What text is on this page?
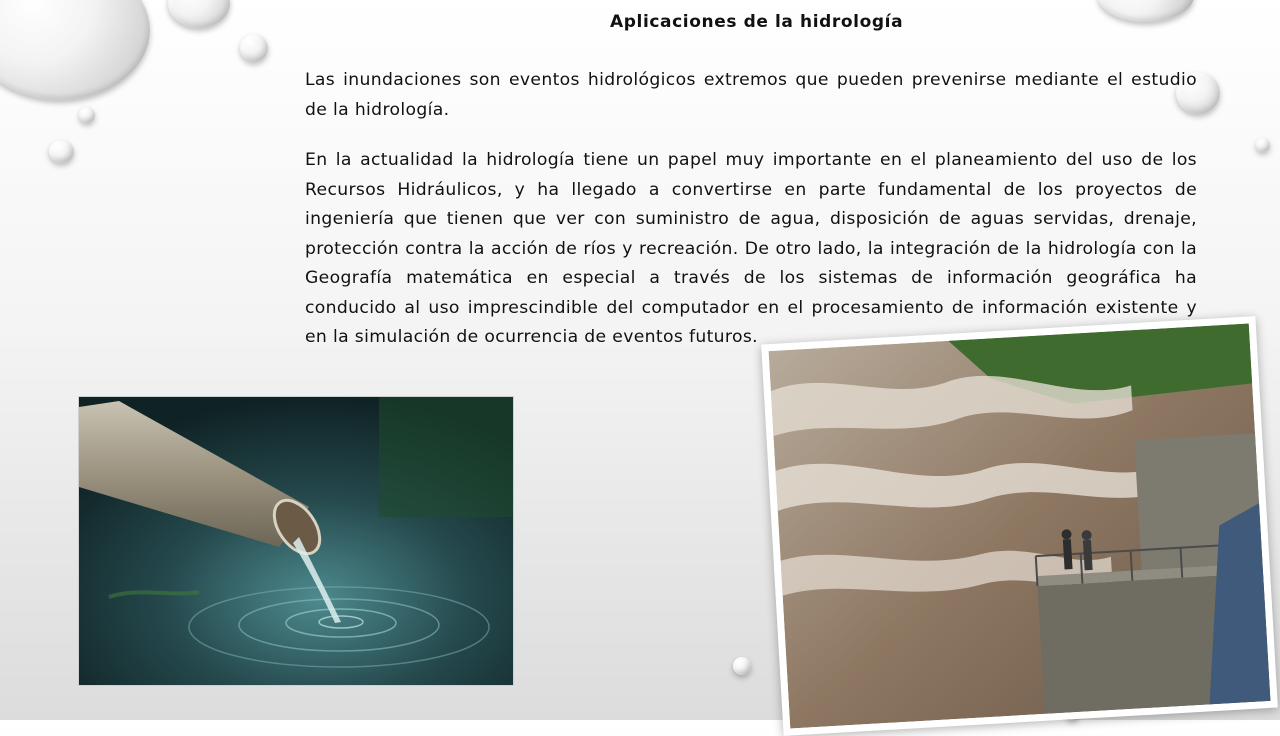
Aplicaciones de la hidrología

Las inundaciones son eventos hidrológicos extremos que pueden prevenirse mediante el estudio de la hidrología.

En la actualidad la hidrología tiene un papel muy importante en el planeamiento del uso de los Recursos Hidráulicos, y ha llegado a convertirse en parte fundamental de los proyectos de ingeniería que tienen que ver con suministro de agua, disposición de aguas servidas, drenaje, protección contra la acción de ríos y recreación. De otro lado, la integración de la hidrología con la Geografía matemática en especial a través de los sistemas de información geográfica ha conducido al uso imprescindible del computador en el procesamiento de información existente y en la simulación de ocurrencia de eventos futuros.
